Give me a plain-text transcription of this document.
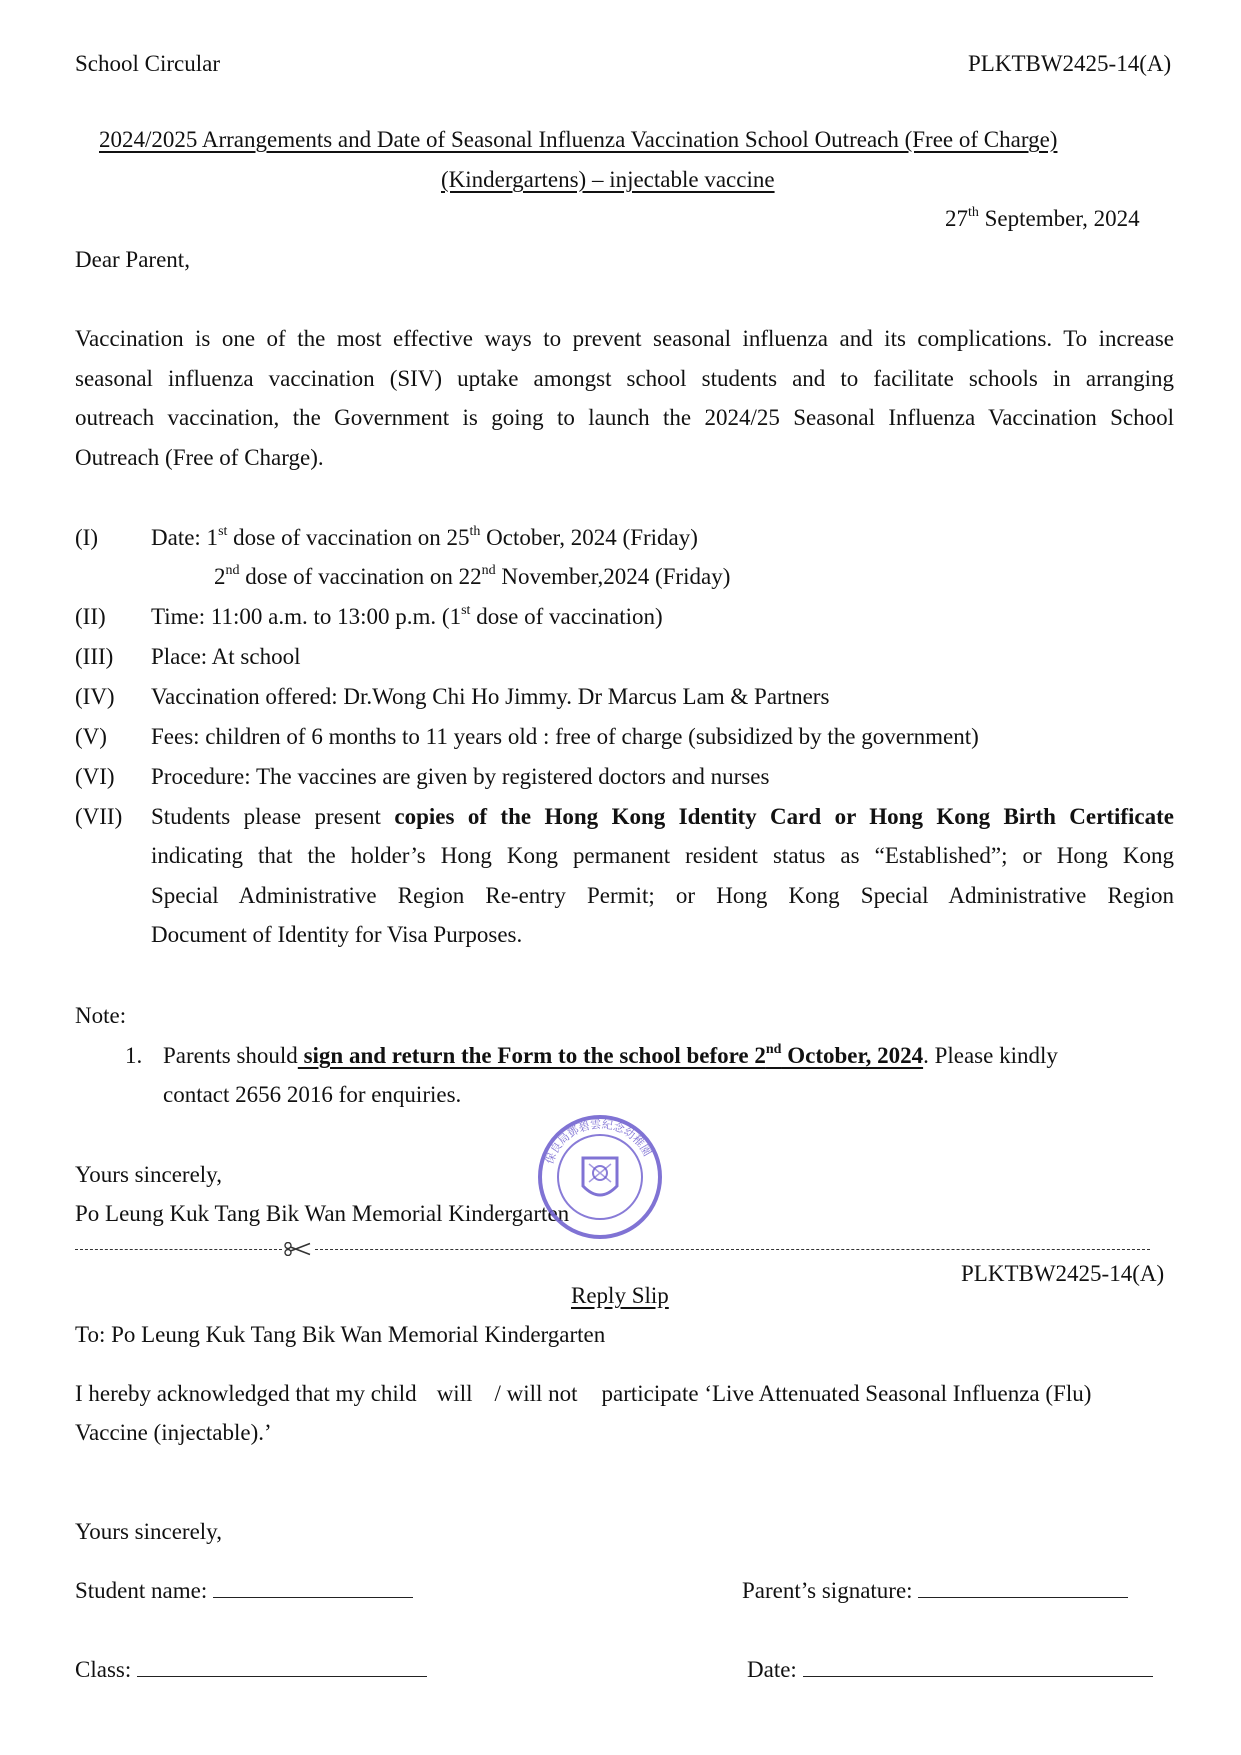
School Circular	PLKTBW2425-14(A)
2024/2025 Arrangements and Date of Seasonal Influenza Vaccination School Outreach (Free of Charge)
(Kindergartens) – injectable vaccine
27th September, 2024
Dear Parent,
Vaccination is one of the most effective ways to prevent seasonal influenza and its complications. To increase
seasonal influenza vaccination (SIV) uptake amongst school students and to facilitate schools in arranging
outreach vaccination, the Government is going to launch the 2024/25 Seasonal Influenza Vaccination School
Outreach (Free of Charge).
(I) Date: 1st dose of vaccination on 25th October, 2024 (Friday)
2nd dose of vaccination on 22nd November,2024 (Friday)
(II) Time: 11:00 a.m. to 13:00 p.m. (1st dose of vaccination)
(III) Place: At school
(IV) Vaccination offered: Dr.Wong Chi Ho Jimmy. Dr Marcus Lam & Partners
(V) Fees: children of 6 months to 11 years old : free of charge (subsidized by the government)
(VI) Procedure: The vaccines are given by registered doctors and nurses
(VII) Students please present copies of the Hong Kong Identity Card or Hong Kong Birth Certificate
indicating that the holder’s Hong Kong permanent resident status as “Established”; or Hong Kong
Special Administrative Region Re-entry Permit; or Hong Kong Special Administrative Region
Document of Identity for Visa Purposes.
Note:
1. Parents should sign and return the Form to the school before 2nd October, 2024. Please kindly
contact 2656 2016 for enquiries.
Yours sincerely,
Po Leung Kuk Tang Bik Wan Memorial Kindergarten
保良局鄧碧雲紀念幼稚園
PLKTBW2425-14(A)
Reply Slip
To: Po Leung Kuk Tang Bik Wan Memorial Kindergarten
I hereby acknowledged that my child will / will not participate ‘Live Attenuated Seasonal Influenza (Flu)
Vaccine (injectable).’
Yours sincerely,
Student name:	Parent’s signature:
Class:	Date:
